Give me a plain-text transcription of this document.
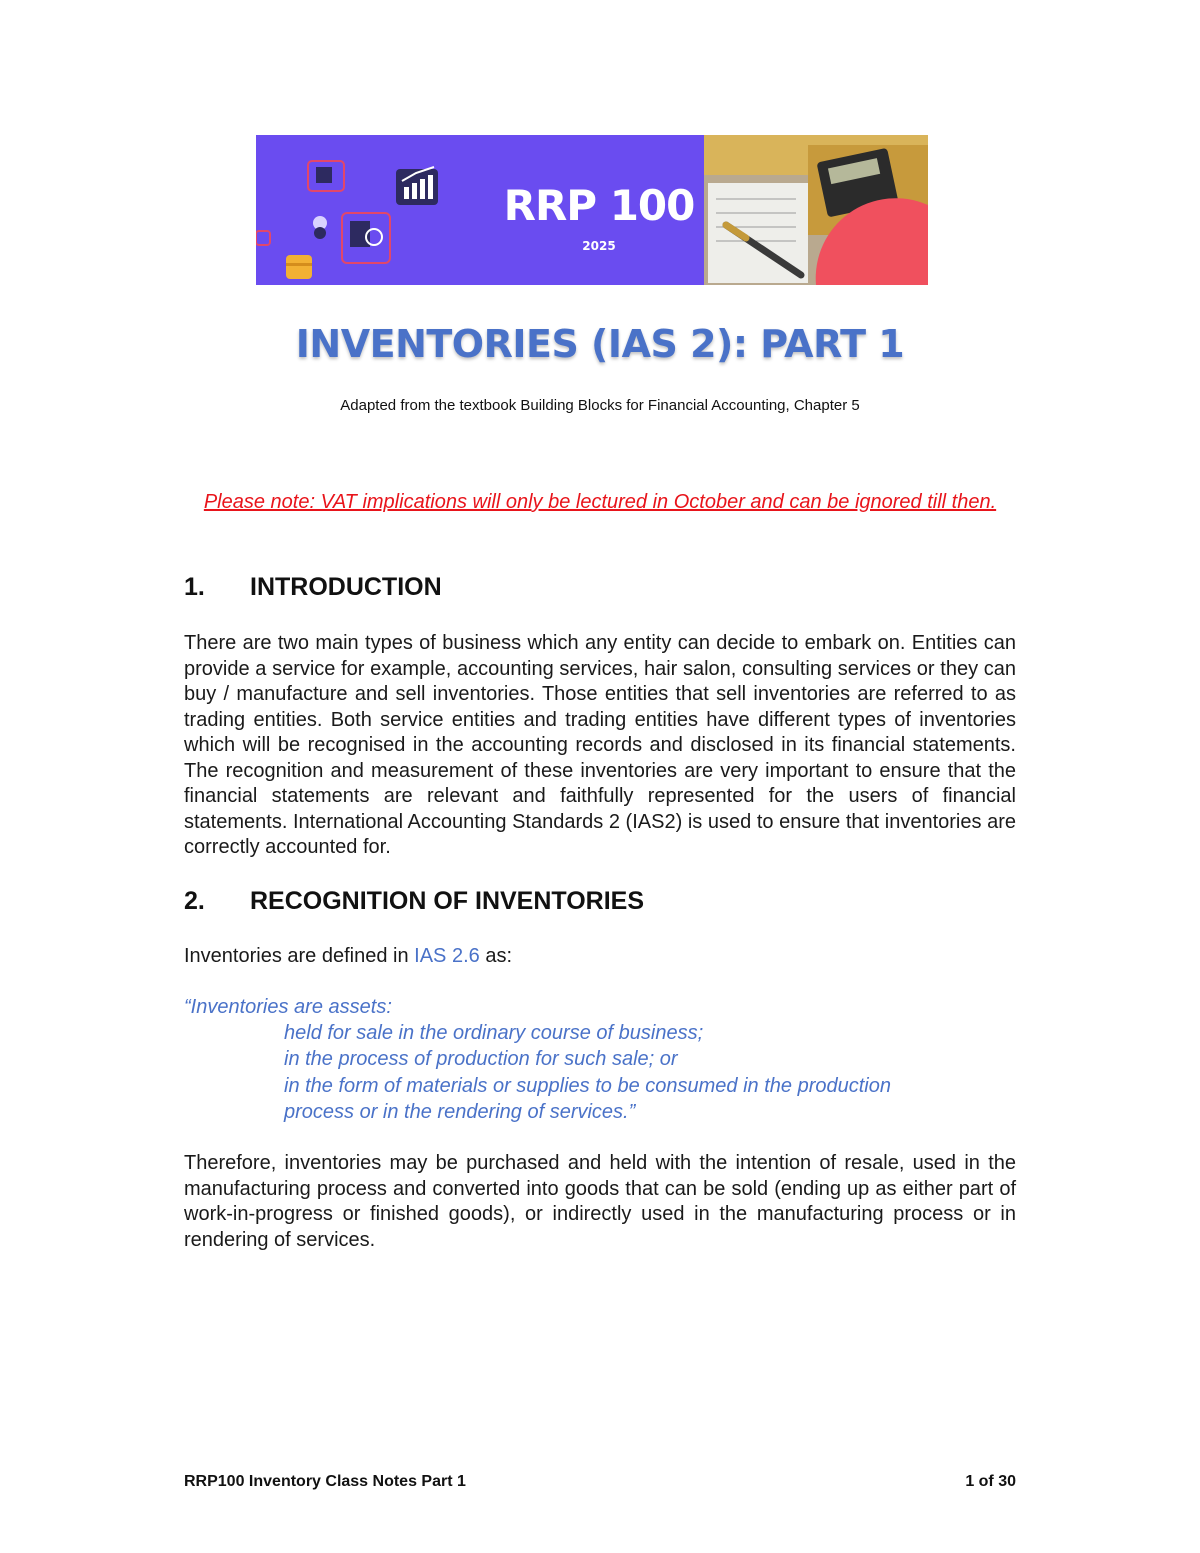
RRP 100
2025
INVENTORIES (IAS 2): PART 1
Adapted from the textbook Building Blocks for Financial Accounting, Chapter 5
Please note: VAT implications will only be lectured in October and can be ignored till then.
1. INTRODUCTION
There are two main types of business which any entity can decide to embark on. Entities can provide a service for example, accounting services, hair salon, consulting services or they can buy / manufacture and sell inventories. Those entities that sell inventories are referred to as trading entities. Both service entities and trading entities have different types of inventories which will be recognised in the accounting records and disclosed in its financial statements. The recognition and measurement of these inventories are very important to ensure that the financial statements are relevant and faithfully represented for the users of financial statements. International Accounting Standards 2 (IAS2) is used to ensure that inventories are correctly accounted for.
2. RECOGNITION OF INVENTORIES
Inventories are defined in IAS 2.6 as:
“Inventories are assets:
held for sale in the ordinary course of business;
in the process of production for such sale; or
in the form of materials or supplies to be consumed in the production
process or in the rendering of services.”
Therefore, inventories may be purchased and held with the intention of resale, used in the manufacturing process and converted into goods that can be sold (ending up as either part of work-in-progress or finished goods), or indirectly used in the manufacturing process or in rendering of services.
RRP100 Inventory Class Notes Part 1	1 of 30
